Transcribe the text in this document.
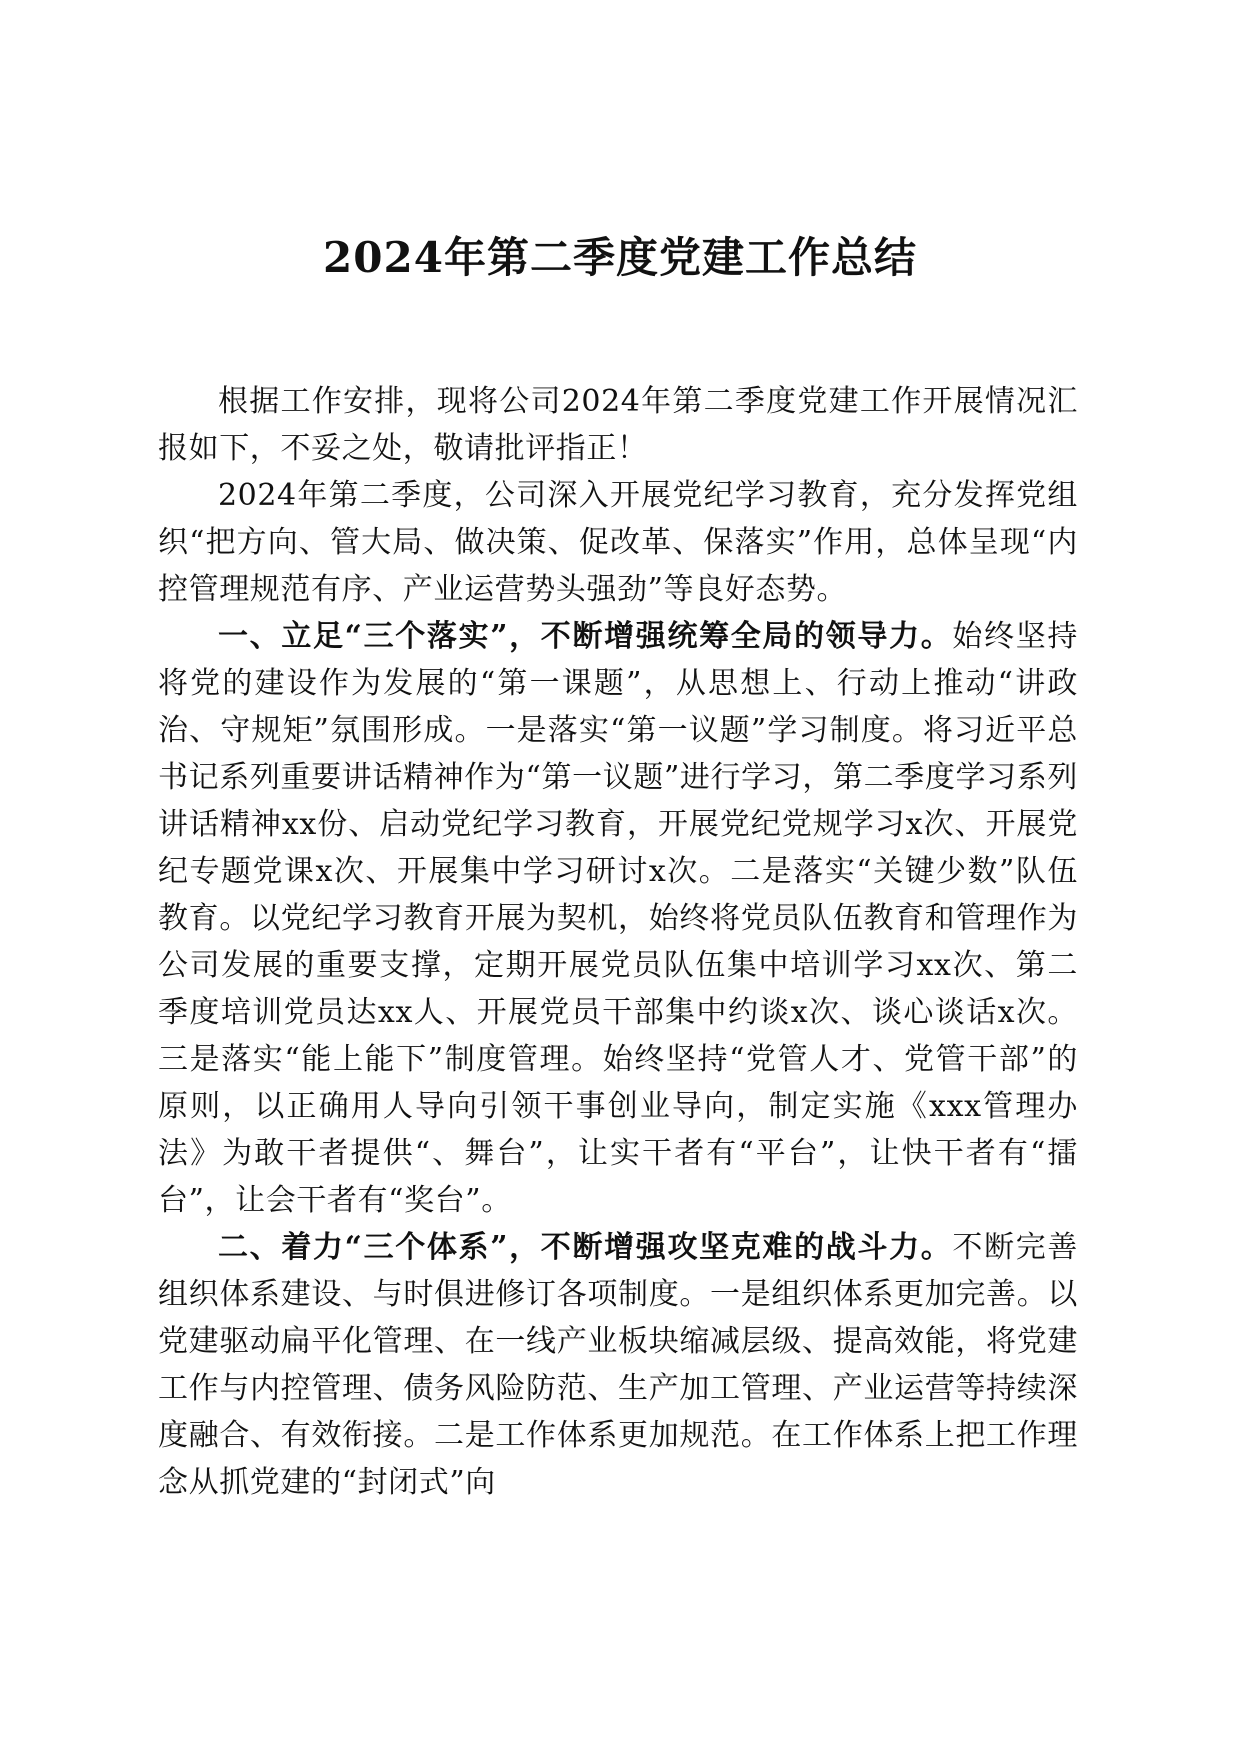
2024年第二季度党建工作总结

根据工作安排，现将公司2024年第二季度党建工作开展情况汇报如下，不妥之处，敬请批评指正！

2024年第二季度，公司深入开展党纪学习教育，充分发挥党组织“把方向、管大局、做决策、促改革、保落实”作用，总体呈现“内控管理规范有序、产业运营势头强劲”等良好态势。

一、立足“三个落实”，不断增强统筹全局的领导力。始终坚持将党的建设作为发展的“第一课题”，从思想上、行动上推动“讲政治、守规矩”氛围形成。一是落实“第一议题”学习制度。将习近平总书记系列重要讲话精神作为“第一议题”进行学习，第二季度学习系列讲话精神xx份、启动党纪学习教育，开展党纪党规学习x次、开展党纪专题党课x次、开展集中学习研讨x次。二是落实“关键少数”队伍教育。以党纪学习教育开展为契机，始终将党员队伍教育和管理作为公司发展的重要支撑，定期开展党员队伍集中培训学习xx次、第二季度培训党员达xx人、开展党员干部集中约谈x次、谈心谈话x次。三是落实“能上能下”制度管理。始终坚持“党管人才、党管干部”的原则，以正确用人导向引领干事创业导向，制定实施《xxx管理办法》为敢干者提供“、舞台”，让实干者有“平台”，让快干者有“擂台”，让会干者有“奖台”。

二、着力“三个体系”，不断增强攻坚克难的战斗力。不断完善组织体系建设、与时俱进修订各项制度。一是组织体系更加完善。以党建驱动扁平化管理、在一线产业板块缩减层级、提高效能，将党建工作与内控管理、债务风险防范、生产加工管理、产业运营等持续深度融合、有效衔接。二是工作体系更加规范。在工作体系上把工作理念从抓党建的“封闭式”向
